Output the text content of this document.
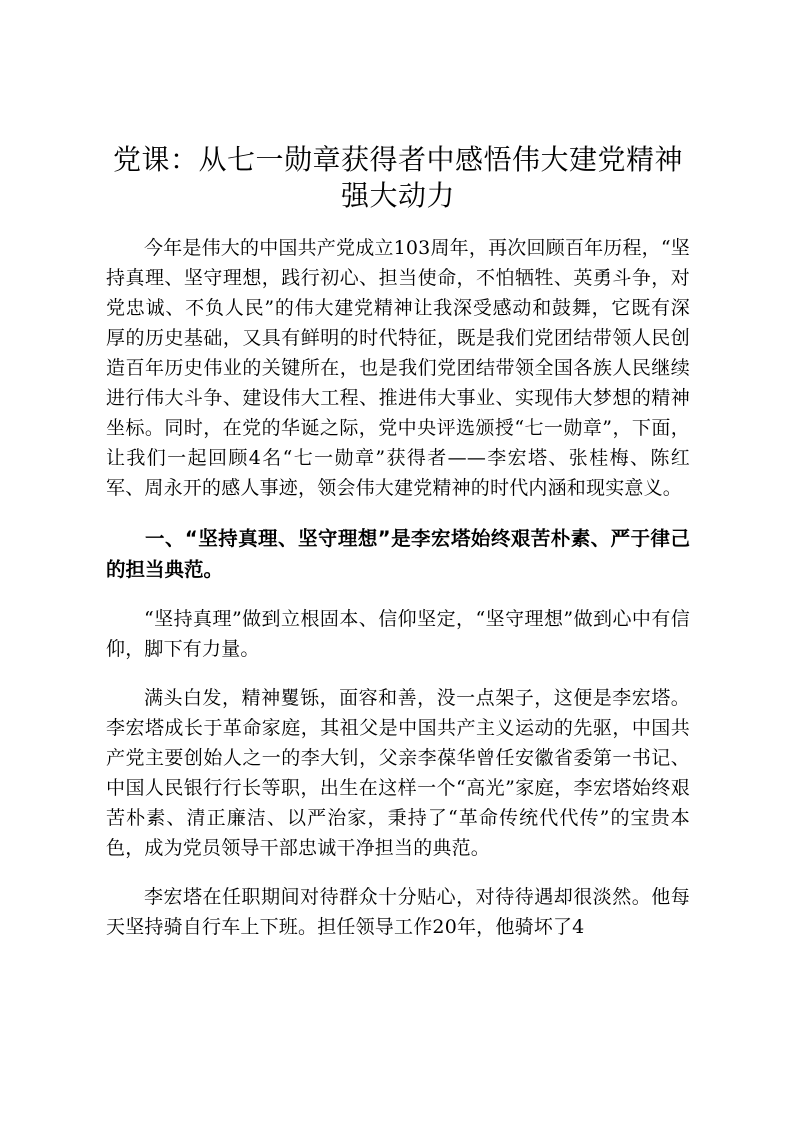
党课：从七一勋章获得者中感悟伟大建党精神
强大动力

今年是伟大的中国共产党成立103周年，再次回顾百年历程，“坚持真理、坚守理想，践行初心、担当使命，不怕牺牲、英勇斗争，对党忠诚、不负人民”的伟大建党精神让我深受感动和鼓舞，它既有深厚的历史基础，又具有鲜明的时代特征，既是我们党团结带领人民创造百年历史伟业的关键所在，也是我们党团结带领全国各族人民继续进行伟大斗争、建设伟大工程、推进伟大事业、实现伟大梦想的精神坐标。同时，在党的华诞之际，党中央评选颁授“七一勋章”，下面，让我们一起回顾4名“七一勋章”获得者——李宏塔、张桂梅、陈红军、周永开的感人事迹，领会伟大建党精神的时代内涵和现实意义。

一、“坚持真理、坚守理想”是李宏塔始终艰苦朴素、严于律己的担当典范。

“坚持真理”做到立根固本、信仰坚定，“坚守理想”做到心中有信仰，脚下有力量。

满头白发，精神矍铄，面容和善，没一点架子，这便是李宏塔。李宏塔成长于革命家庭，其祖父是中国共产主义运动的先驱，中国共产党主要创始人之一的李大钊，父亲李葆华曾任安徽省委第一书记、中国人民银行行长等职，出生在这样一个“高光”家庭，李宏塔始终艰苦朴素、清正廉洁、以严治家，秉持了“革命传统代代传”的宝贵本色，成为党员领导干部忠诚干净担当的典范。

李宏塔在任职期间对待群众十分贴心，对待待遇却很淡然。他每天坚持骑自行车上下班。担任领导工作20年，他骑坏了4
